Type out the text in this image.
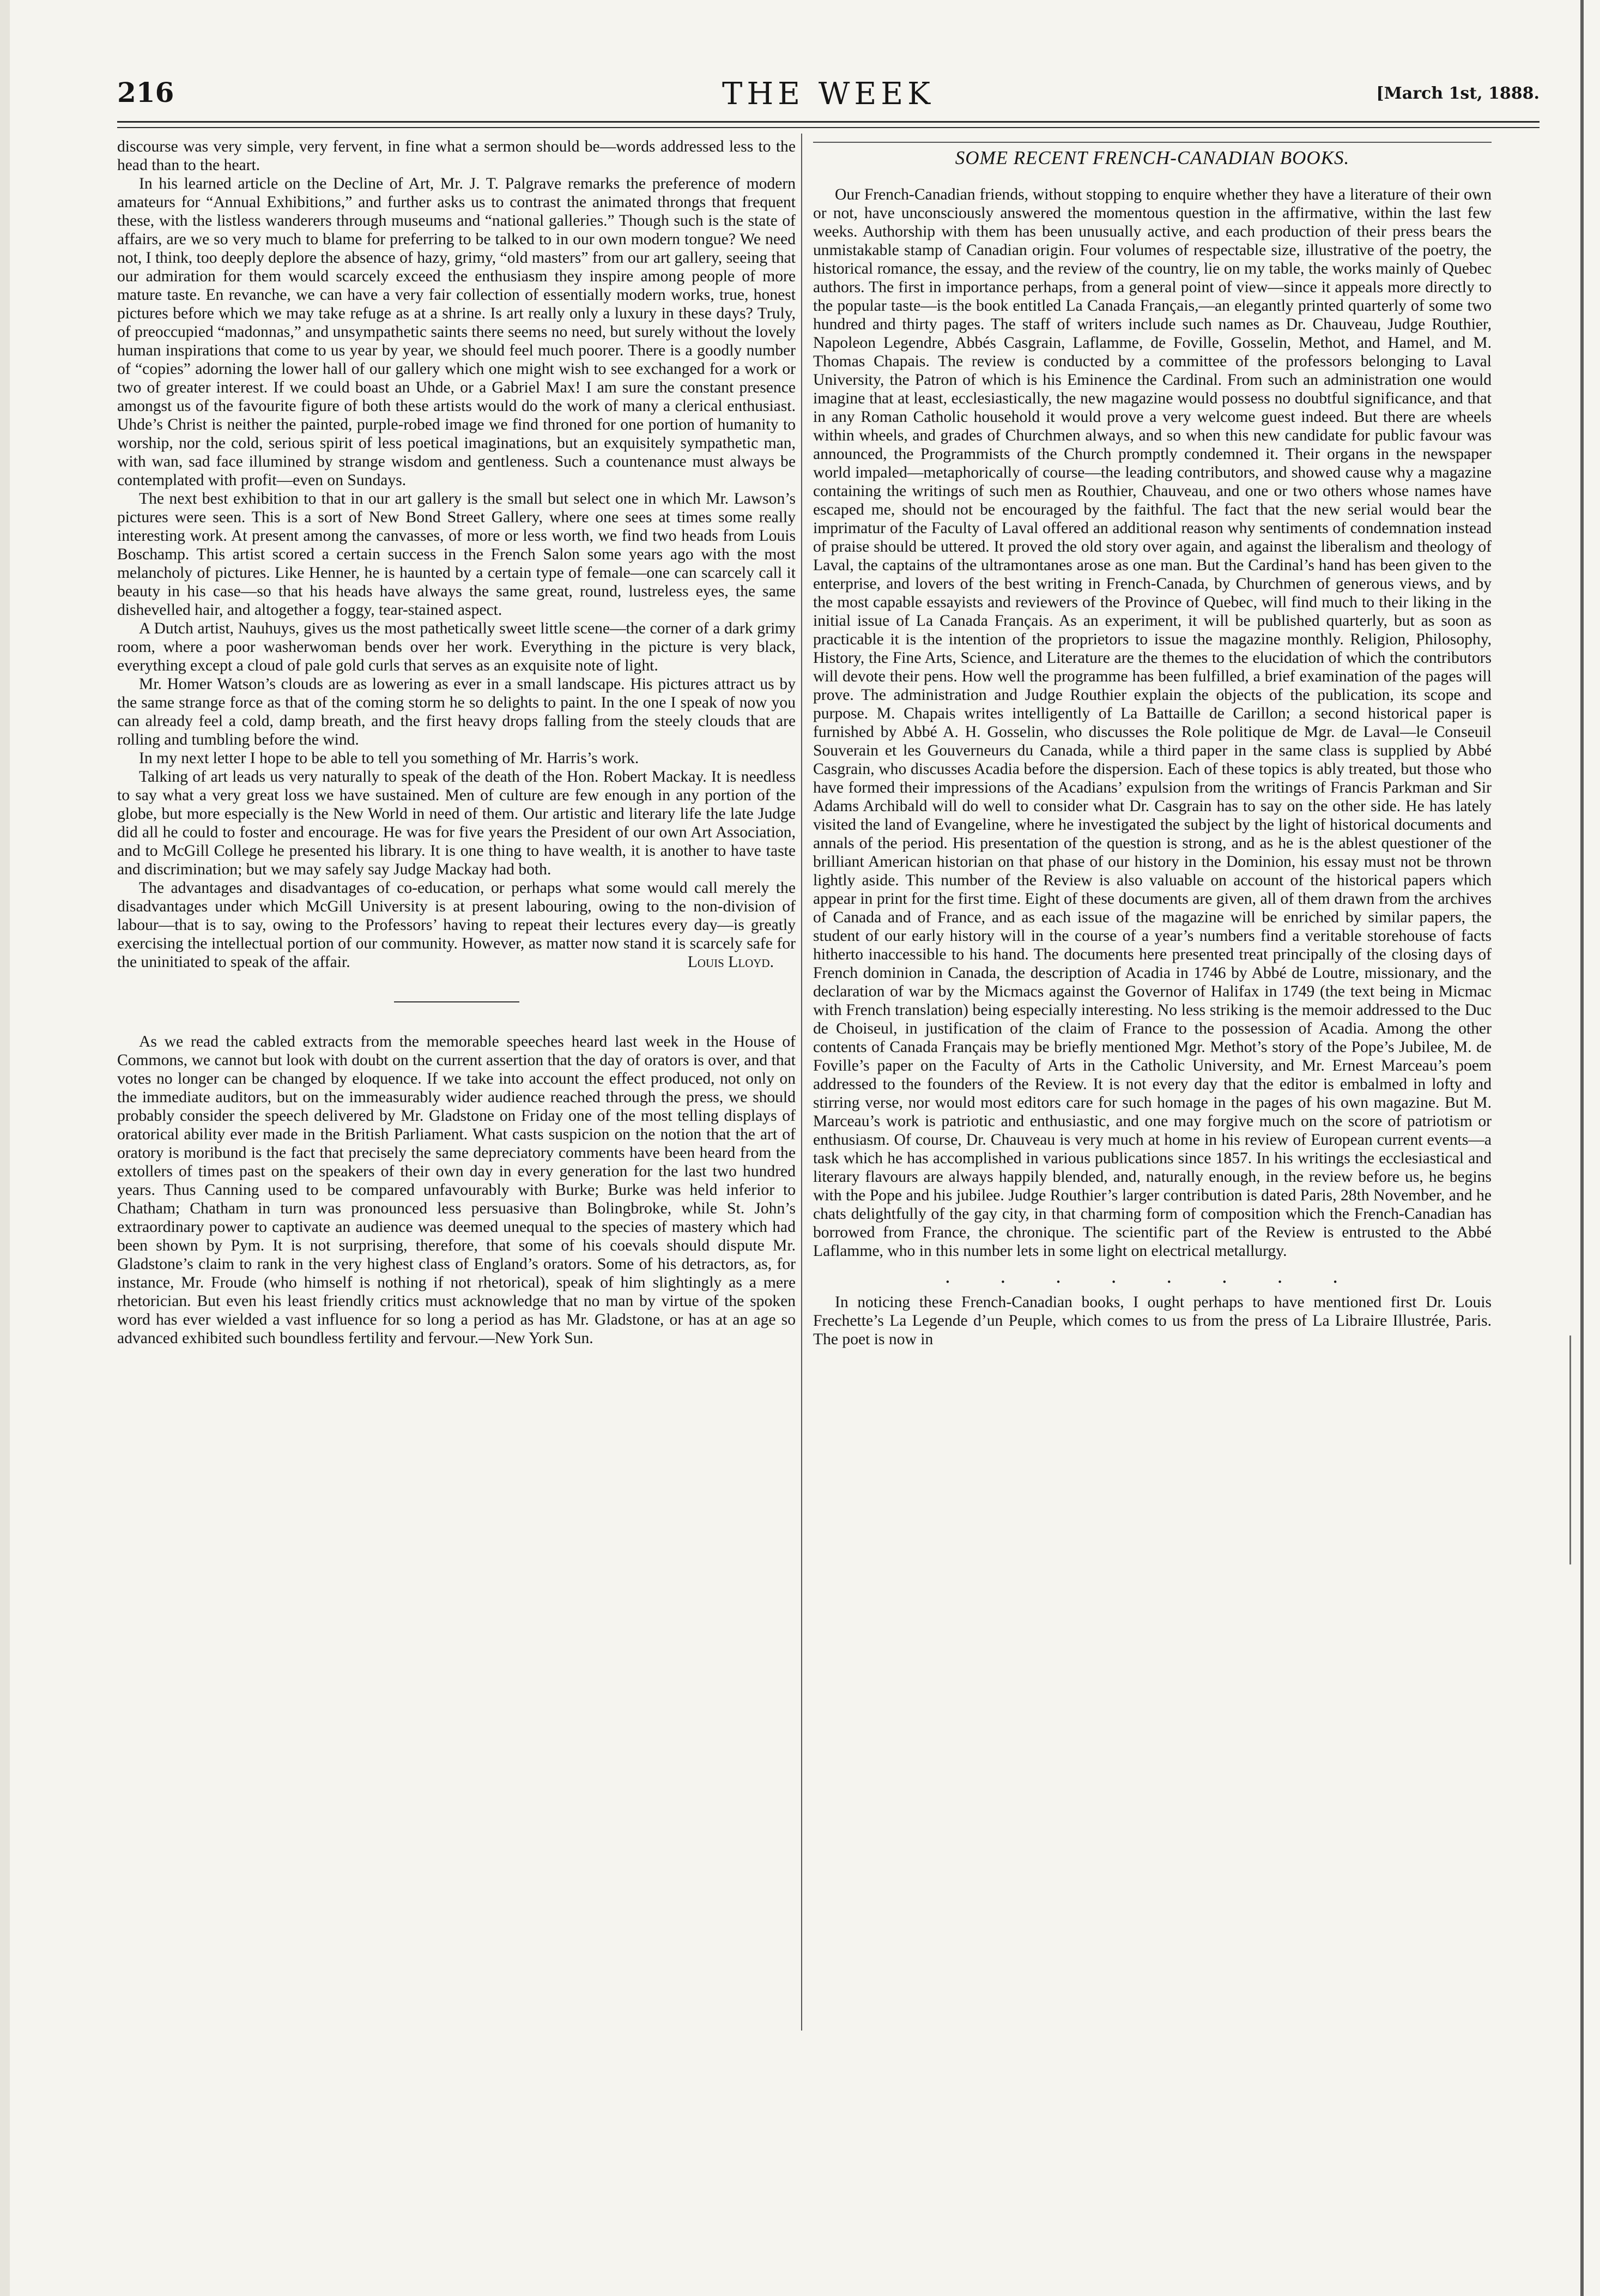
216	THE WEEK	[March 1st, 1888.

discourse was very simple, very fervent, in fine what a sermon should be—words addressed less to the head than to the heart.

In his learned article on the Decline of Art, Mr. J. T. Palgrave remarks the preference of modern amateurs for “Annual Exhibitions,” and further asks us to contrast the animated throngs that frequent these, with the listless wanderers through museums and “national galleries.” Though such is the state of affairs, are we so very much to blame for preferring to be talked to in our own modern tongue? We need not, I think, too deeply deplore the absence of hazy, grimy, “old masters” from our art gallery, seeing that our admiration for them would scarcely exceed the enthusiasm they inspire among people of more mature taste. En revanche, we can have a very fair collection of essentially modern works, true, honest pictures before which we may take refuge as at a shrine. Is art really only a luxury in these days? Truly, of preoccupied “madonnas,” and unsympathetic saints there seems no need, but surely without the lovely human inspirations that come to us year by year, we should feel much poorer. There is a goodly number of “copies” adorning the lower hall of our gallery which one might wish to see exchanged for a work or two of greater interest. If we could boast an Uhde, or a Gabriel Max! I am sure the constant presence amongst us of the favourite figure of both these artists would do the work of many a clerical enthusiast. Uhde’s Christ is neither the painted, purple-robed image we find throned for one portion of humanity to worship, nor the cold, serious spirit of less poetical imaginations, but an exquisitely sympathetic man, with wan, sad face illumined by strange wisdom and gentleness. Such a countenance must always be contemplated with profit—even on Sundays.

The next best exhibition to that in our art gallery is the small but select one in which Mr. Lawson’s pictures were seen. This is a sort of New Bond Street Gallery, where one sees at times some really interesting work. At present among the canvasses, of more or less worth, we find two heads from Louis Boschamp. This artist scored a certain success in the French Salon some years ago with the most melancholy of pictures. Like Henner, he is haunted by a certain type of female—one can scarcely call it beauty in his case—so that his heads have always the same great, round, lustreless eyes, the same dishevelled hair, and altogether a foggy, tear-stained aspect.

A Dutch artist, Nauhuys, gives us the most pathetically sweet little scene—the corner of a dark grimy room, where a poor washerwoman bends over her work. Everything in the picture is very black, everything except a cloud of pale gold curls that serves as an exquisite note of light.

Mr. Homer Watson’s clouds are as lowering as ever in a small landscape. His pictures attract us by the same strange force as that of the coming storm he so delights to paint. In the one I speak of now you can already feel a cold, damp breath, and the first heavy drops falling from the steely clouds that are rolling and tumbling before the wind.

In my next letter I hope to be able to tell you something of Mr. Harris’s work.

Talking of art leads us very naturally to speak of the death of the Hon. Robert Mackay. It is needless to say what a very great loss we have sustained. Men of culture are few enough in any portion of the globe, but more especially is the New World in need of them. Our artistic and literary life the late Judge did all he could to foster and encourage. He was for five years the President of our own Art Association, and to McGill College he presented his library. It is one thing to have wealth, it is another to have taste and discrimination; but we may safely say Judge Mackay had both.

The advantages and disadvantages of co-education, or perhaps what some would call merely the disadvantages under which McGill University is at present labouring, owing to the non-division of labour—that is to say, owing to the Professors’ having to repeat their lectures every day—is greatly exercising the intellectual portion of our community. However, as matter now stand it is scarcely safe for the uninitiated to speak of the affair.	Louis Lloyd.

As we read the cabled extracts from the memorable speeches heard last week in the House of Commons, we cannot but look with doubt on the current assertion that the day of orators is over, and that votes no longer can be changed by eloquence. If we take into account the effect produced, not only on the immediate auditors, but on the immeasurably wider audience reached through the press, we should probably consider the speech delivered by Mr. Gladstone on Friday one of the most telling displays of oratorical ability ever made in the British Parliament. What casts suspicion on the notion that the art of oratory is moribund is the fact that precisely the same depreciatory comments have been heard from the extollers of times past on the speakers of their own day in every generation for the last two hundred years. Thus Canning used to be compared unfavourably with Burke; Burke was held inferior to Chatham; Chatham in turn was pronounced less persuasive than Bolingbroke, while St. John’s extraordinary power to captivate an audience was deemed unequal to the species of mastery which had been shown by Pym. It is not surprising, therefore, that some of his coevals should dispute Mr. Gladstone’s claim to rank in the very highest class of England’s orators. Some of his detractors, as, for instance, Mr. Froude (who himself is nothing if not rhetorical), speak of him slightingly as a mere rhetorician. But even his least friendly critics must acknowledge that no man by virtue of the spoken word has ever wielded a vast influence for so long a period as has Mr. Gladstone, or has at an age so advanced exhibited such boundless fertility and fervour.—New York Sun.

SOME RECENT FRENCH-CANADIAN BOOKS.

Our French-Canadian friends, without stopping to enquire whether they have a literature of their own or not, have unconsciously answered the momentous question in the affirmative, within the last few weeks. Authorship with them has been unusually active, and each production of their press bears the unmistakable stamp of Canadian origin. Four volumes of respectable size, illustrative of the poetry, the historical romance, the essay, and the review of the country, lie on my table, the works mainly of Quebec authors. The first in importance perhaps, from a general point of view—since it appeals more directly to the popular taste—is the book entitled La Canada Français,—an elegantly printed quarterly of some two hundred and thirty pages. The staff of writers include such names as Dr. Chauveau, Judge Routhier, Napoleon Legendre, Abbés Casgrain, Laflamme, de Foville, Gosselin, Methot, and Hamel, and M. Thomas Chapais. The review is conducted by a committee of the professors belonging to Laval University, the Patron of which is his Eminence the Cardinal. From such an administration one would imagine that at least, ecclesiastically, the new magazine would possess no doubtful significance, and that in any Roman Catholic household it would prove a very welcome guest indeed. But there are wheels within wheels, and grades of Churchmen always, and so when this new candidate for public favour was announced, the Programmists of the Church promptly condemned it. Their organs in the newspaper world impaled—metaphorically of course—the leading contributors, and showed cause why a magazine containing the writings of such men as Routhier, Chauveau, and one or two others whose names have escaped me, should not be encouraged by the faithful. The fact that the new serial would bear the imprimatur of the Faculty of Laval offered an additional reason why sentiments of condemnation instead of praise should be uttered. It proved the old story over again, and against the liberalism and theology of Laval, the captains of the ultramontanes arose as one man. But the Cardinal’s hand has been given to the enterprise, and lovers of the best writing in French-Canada, by Churchmen of generous views, and by the most capable essayists and reviewers of the Province of Quebec, will find much to their liking in the initial issue of La Canada Français. As an experiment, it will be published quarterly, but as soon as practicable it is the intention of the proprietors to issue the magazine monthly. Religion, Philosophy, History, the Fine Arts, Science, and Literature are the themes to the elucidation of which the contributors will devote their pens. How well the programme has been fulfilled, a brief examination of the pages will prove. The administration and Judge Routhier explain the objects of the publication, its scope and purpose. M. Chapais writes intelligently of La Battaille de Carillon; a second historical paper is furnished by Abbé A. H. Gosselin, who discusses the Role politique de Mgr. de Laval—le Conseuil Souverain et les Gouverneurs du Canada, while a third paper in the same class is supplied by Abbé Casgrain, who discusses Acadia before the dispersion. Each of these topics is ably treated, but those who have formed their impressions of the Acadians’ expulsion from the writings of Francis Parkman and Sir Adams Archibald will do well to consider what Dr. Casgrain has to say on the other side. He has lately visited the land of Evangeline, where he investigated the subject by the light of historical documents and annals of the period. His presentation of the question is strong, and as he is the ablest questioner of the brilliant American historian on that phase of our history in the Dominion, his essay must not be thrown lightly aside. This number of the Review is also valuable on account of the historical papers which appear in print for the first time. Eight of these documents are given, all of them drawn from the archives of Canada and of France, and as each issue of the magazine will be enriched by similar papers, the student of our early history will in the course of a year’s numbers find a veritable storehouse of facts hitherto inaccessible to his hand. The documents here presented treat principally of the closing days of French dominion in Canada, the description of Acadia in 1746 by Abbé de Loutre, missionary, and the declaration of war by the Micmacs against the Governor of Halifax in 1749 (the text being in Micmac with French translation) being especially interesting. No less striking is the memoir addressed to the Duc de Choiseul, in justification of the claim of France to the possession of Acadia. Among the other contents of Canada Français may be briefly mentioned Mgr. Methot’s story of the Pope’s Jubilee, M. de Foville’s paper on the Faculty of Arts in the Catholic University, and Mr. Ernest Marceau’s poem addressed to the founders of the Review. It is not every day that the editor is embalmed in lofty and stirring verse, nor would most editors care for such homage in the pages of his own magazine. But M. Marceau’s work is patriotic and enthusiastic, and one may forgive much on the score of patriotism or enthusiasm. Of course, Dr. Chauveau is very much at home in his review of European current events—a task which he has accomplished in various publications since 1857. In his writings the ecclesiastical and literary flavours are always happily blended, and, naturally enough, in the review before us, he begins with the Pope and his jubilee. Judge Routhier’s larger contribution is dated Paris, 28th November, and he chats delightfully of the gay city, in that charming form of composition which the French-Canadian has borrowed from France, the chronique. The scientific part of the Review is entrusted to the Abbé Laflamme, who in this number lets in some light on electrical metallurgy.

. . . . . . . .

In noticing these French-Canadian books, I ought perhaps to have mentioned first Dr. Louis Frechette’s La Legende d’un Peuple, which comes to us from the press of La Libraire Illustrée, Paris. The poet is now in
